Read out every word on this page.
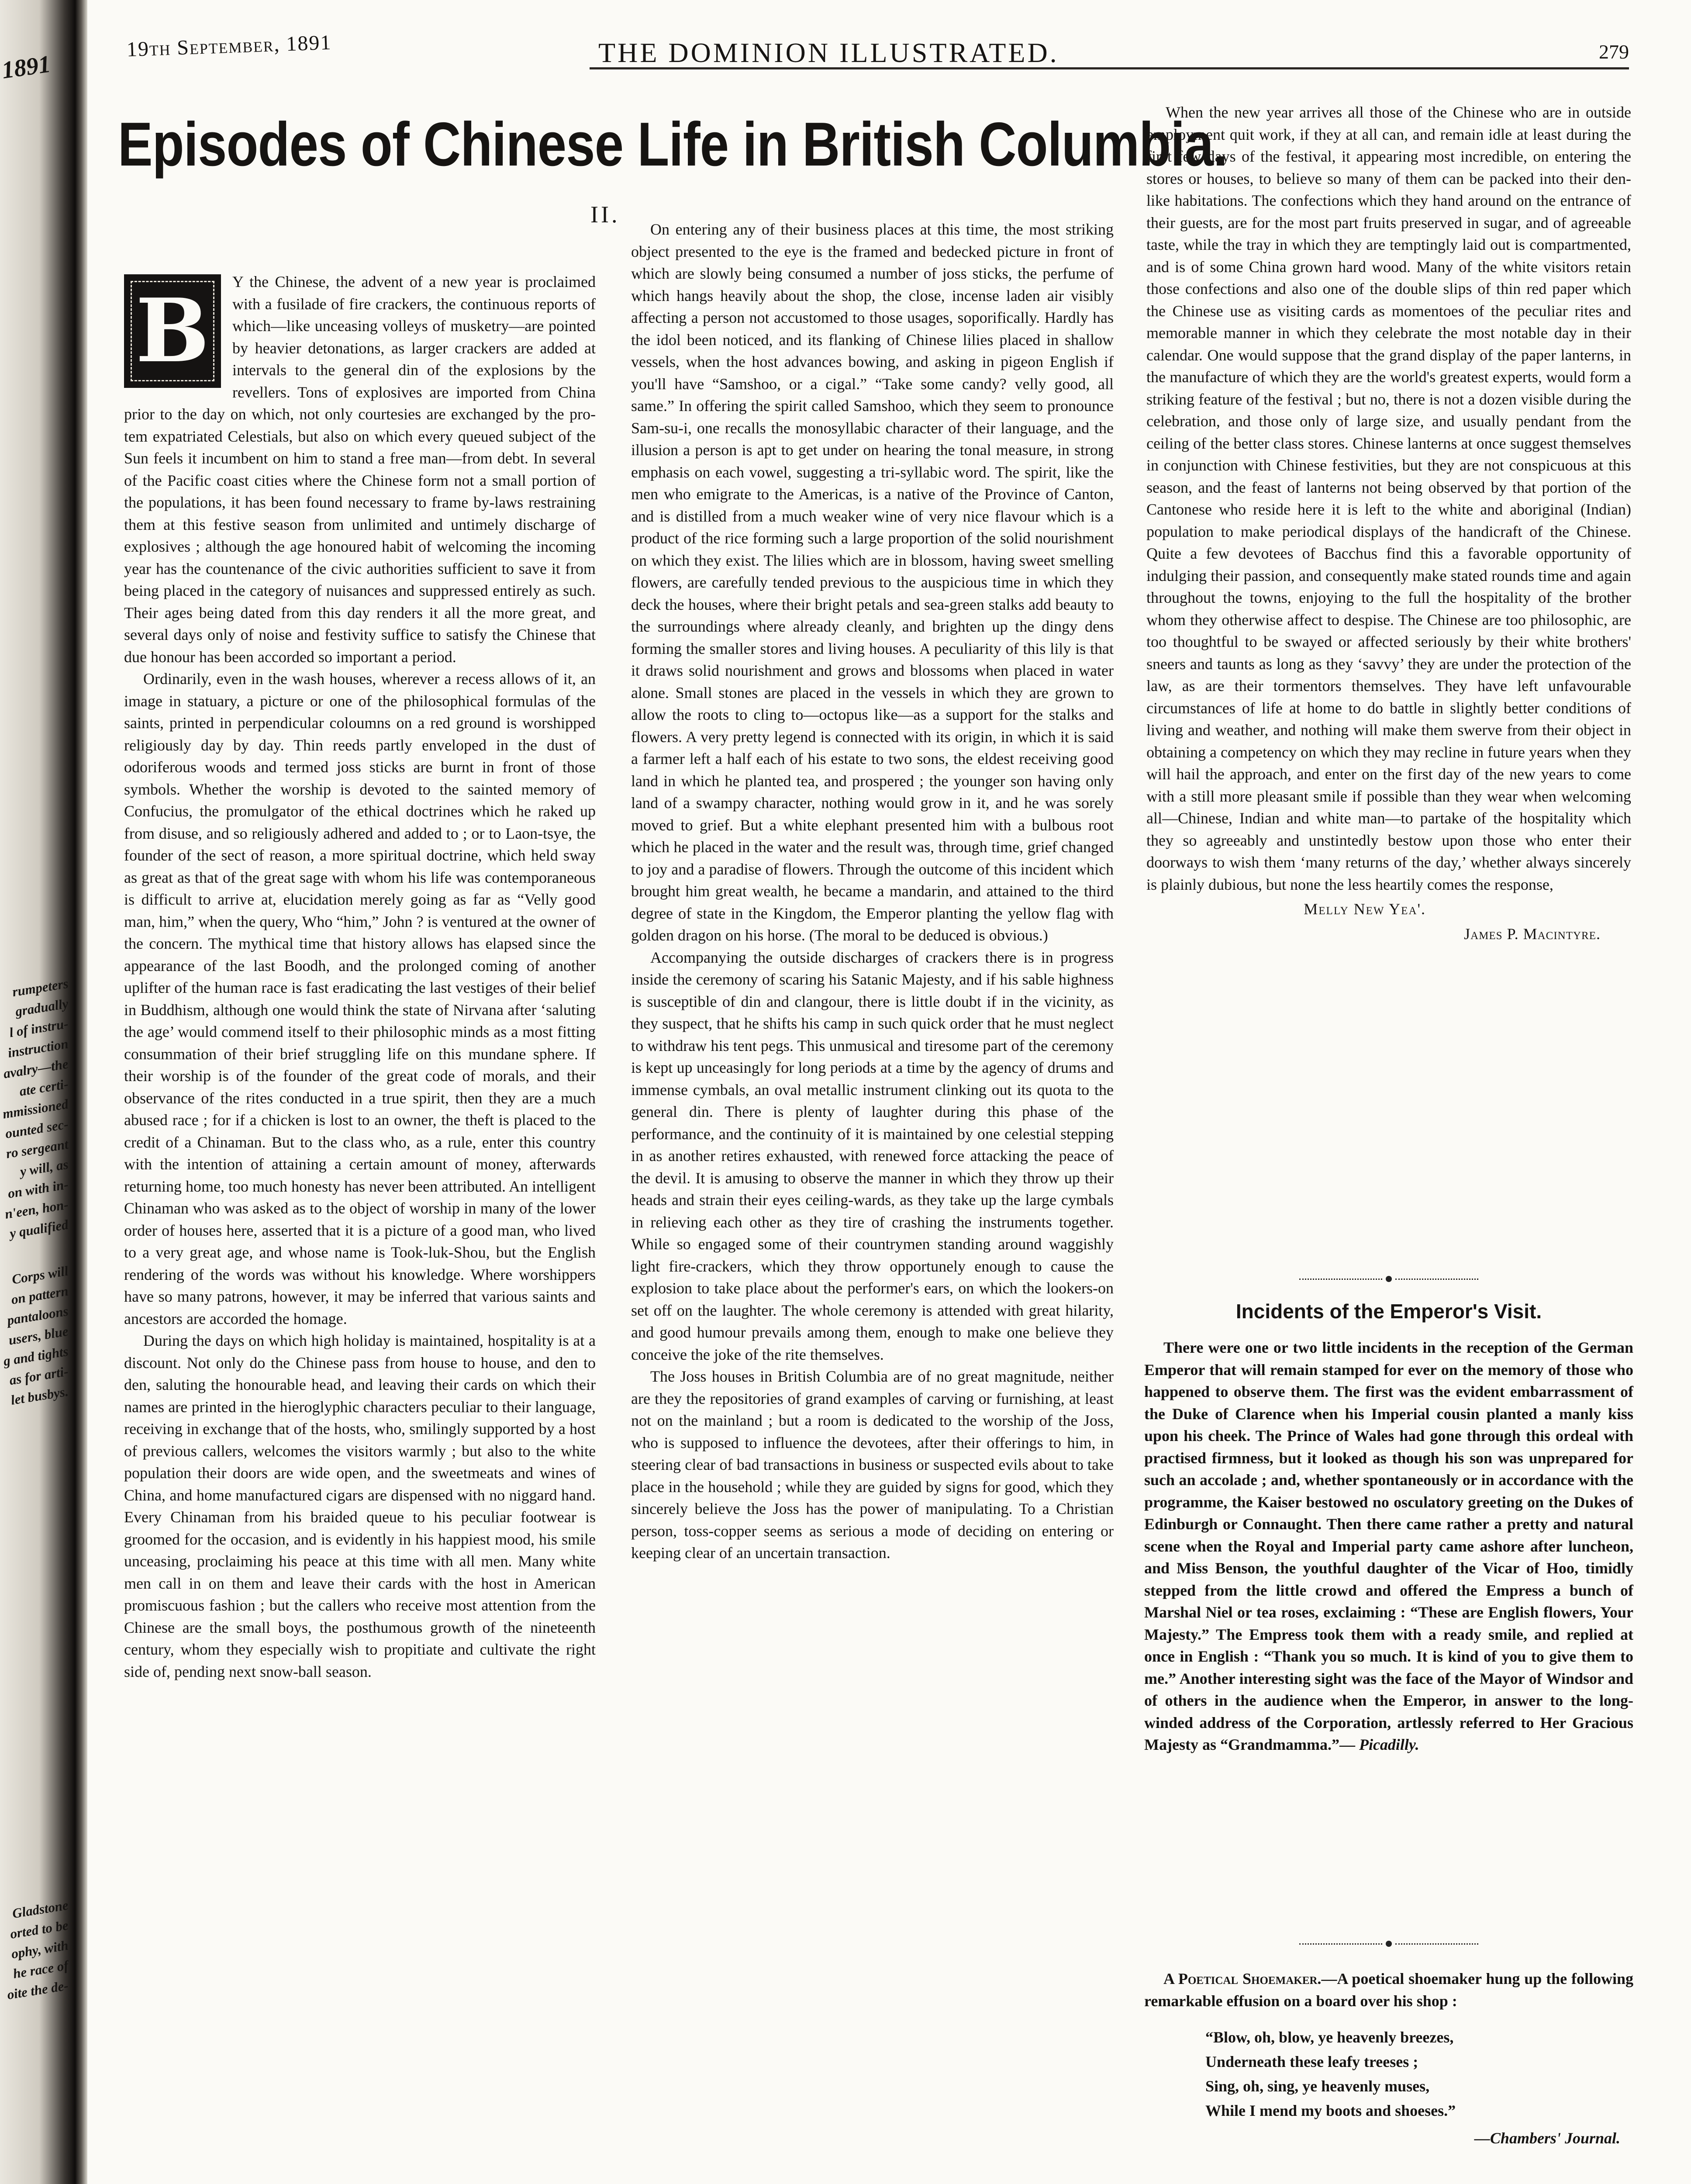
1891
rumpeters
gradually
l of instru-
instruction
avalry—the
ate certi-
mmissioned
ounted sec-
ro sergeant
y will, as
on with in-
n'een, hon-
y qualified
Corps will
on pattern
pantaloons
users, blue
g and tights
as for arti-
let busbys.
Gladstone
orted to be
ophy, with
he race of
oite the de-
19th September, 1891	THE DOMINION ILLUSTRATED.	279
Episodes of Chinese Life in British Columbia.
II.
B	Y the Chinese, the advent of a new year is proclaimed with a fusilade of fire crackers, the continuous reports of which—like unceasing volleys of musketry—are pointed by heavier detonations, as larger crackers are added at intervals to the general din of the explosions by the revellers. Tons of explosives are imported from China prior to the day on which, not only courtesies are exchanged by the pro-tem expatriated Celestials, but also on which every queued subject of the Sun feels it incumbent on him to stand a free man—from debt. In several of the Pacific coast cities where the Chinese form not a small portion of the populations, it has been found necessary to frame by-laws restraining them at this festive season from unlimited and untimely discharge of explosives ; although the age honoured habit of welcoming the incoming year has the countenance of the civic authorities sufficient to save it from being placed in the category of nuisances and suppressed entirely as such. Their ages being dated from this day renders it all the more great, and several days only of noise and festivity suffice to satisfy the Chinese that due honour has been accorded so important a period.

Ordinarily, even in the wash houses, wherever a recess allows of it, an image in statuary, a picture or one of the philosophical formulas of the saints, printed in perpendicular coloumns on a red ground is worshipped religiously day by day. Thin reeds partly enveloped in the dust of odoriferous woods and termed joss sticks are burnt in front of those symbols. Whether the worship is devoted to the sainted memory of Confucius, the promulgator of the ethical doctrines which he raked up from disuse, and so religiously adhered and added to ; or to Laon-tsye, the founder of the sect of reason, a more spiritual doctrine, which held sway as great as that of the great sage with whom his life was contemporaneous is difficult to arrive at, elucidation merely going as far as “Velly good man, him,” when the query, Who “him,” John ? is ventured at the owner of the concern. The mythical time that history allows has elapsed since the appearance of the last Boodh, and the prolonged coming of another uplifter of the human race is fast eradicating the last vestiges of their belief in Buddhism, although one would think the state of Nirvana after ‘saluting the age’ would commend itself to their philosophic minds as a most fitting consummation of their brief struggling life on this mundane sphere. If their worship is of the founder of the great code of morals, and their observance of the rites conducted in a true spirit, then they are a much abused race ; for if a chicken is lost to an owner, the theft is placed to the credit of a Chinaman. But to the class who, as a rule, enter this country with the intention of attaining a certain amount of money, afterwards returning home, too much honesty has never been attributed. An intelligent Chinaman who was asked as to the object of worship in many of the lower order of houses here, asserted that it is a picture of a good man, who lived to a very great age, and whose name is Took-luk-Shou, but the English rendering of the words was without his knowledge. Where worshippers have so many patrons, however, it may be inferred that various saints and ancestors are accorded the homage.

During the days on which high holiday is maintained, hospitality is at a discount. Not only do the Chinese pass from house to house, and den to den, saluting the honourable head, and leaving their cards on which their names are printed in the hieroglyphic characters peculiar to their language, receiving in exchange that of the hosts, who, smilingly supported by a host of previous callers, welcomes the visitors warmly ; but also to the white population their doors are wide open, and the sweetmeats and wines of China, and home manufactured cigars are dispensed with no niggard hand. Every Chinaman from his braided queue to his peculiar footwear is groomed for the occasion, and is evidently in his happiest mood, his smile unceasing, proclaiming his peace at this time with all men. Many white men call in on them and leave their cards with the host in American promiscuous fashion ; but the callers who receive most attention from the Chinese are the small boys, the posthumous growth of the nineteenth century, whom they especially wish to propitiate and cultivate the right side of, pending next snow-ball season.

On entering any of their business places at this time, the most striking object presented to the eye is the framed and bedecked picture in front of which are slowly being consumed a number of joss sticks, the perfume of which hangs heavily about the shop, the close, incense laden air visibly affecting a person not accustomed to those usages, soporifically. Hardly has the idol been noticed, and its flanking of Chinese lilies placed in shallow vessels, when the host advances bowing, and asking in pigeon English if you'll have “Samshoo, or a cigal.” “Take some candy? velly good, all same.” In offering the spirit called Samshoo, which they seem to pronounce Sam-su-i, one recalls the monosyllabic character of their language, and the illusion a person is apt to get under on hearing the tonal measure, in strong emphasis on each vowel, suggesting a tri-syllabic word. The spirit, like the men who emigrate to the Americas, is a native of the Province of Canton, and is distilled from a much weaker wine of very nice flavour which is a product of the rice forming such a large proportion of the solid nourishment on which they exist. The lilies which are in blossom, having sweet smelling flowers, are carefully tended previous to the auspicious time in which they deck the houses, where their bright petals and sea-green stalks add beauty to the surroundings where already cleanly, and brighten up the dingy dens forming the smaller stores and living houses. A peculiarity of this lily is that it draws solid nourishment and grows and blossoms when placed in water alone. Small stones are placed in the vessels in which they are grown to allow the roots to cling to—octopus like—as a support for the stalks and flowers. A very pretty legend is connected with its origin, in which it is said a farmer left a half each of his estate to two sons, the eldest receiving good land in which he planted tea, and prospered ; the younger son having only land of a swampy character, nothing would grow in it, and he was sorely moved to grief. But a white elephant presented him with a bulbous root which he placed in the water and the result was, through time, grief changed to joy and a paradise of flowers. Through the outcome of this incident which brought him great wealth, he became a mandarin, and attained to the third degree of state in the Kingdom, the Emperor planting the yellow flag with golden dragon on his horse. (The moral to be deduced is obvious.)

Accompanying the outside discharges of crackers there is in progress inside the ceremony of scaring his Satanic Majesty, and if his sable highness is susceptible of din and clangour, there is little doubt if in the vicinity, as they suspect, that he shifts his camp in such quick order that he must neglect to withdraw his tent pegs. This unmusical and tiresome part of the ceremony is kept up unceasingly for long periods at a time by the agency of drums and immense cymbals, an oval metallic instrument clinking out its quota to the general din. There is plenty of laughter during this phase of the performance, and the continuity of it is maintained by one celestial stepping in as another retires exhausted, with renewed force attacking the peace of the devil. It is amusing to observe the manner in which they throw up their heads and strain their eyes ceiling-wards, as they take up the large cymbals in relieving each other as they tire of crashing the instruments together. While so engaged some of their countrymen standing around waggishly light fire-crackers, which they throw opportunely enough to cause the explosion to take place about the performer's ears, on which the lookers-on set off on the laughter. The whole ceremony is attended with great hilarity, and good humour prevails among them, enough to make one believe they conceive the joke of the rite themselves.

The Joss houses in British Columbia are of no great magnitude, neither are they the repositories of grand examples of carving or furnishing, at least not on the mainland ; but a room is dedicated to the worship of the Joss, who is supposed to influence the devotees, after their offerings to him, in steering clear of bad transactions in business or suspected evils about to take place in the household ; while they are guided by signs for good, which they sincerely believe the Joss has the power of manipulating. To a Christian person, toss-copper seems as serious a mode of deciding on entering or keeping clear of an uncertain transaction.

When the new year arrives all those of the Chinese who are in outside employment quit work, if they at all can, and remain idle at least during the first few days of the festival, it appearing most incredible, on entering the stores or houses, to believe so many of them can be packed into their den-like habitations. The confections which they hand around on the entrance of their guests, are for the most part fruits preserved in sugar, and of agreeable taste, while the tray in which they are temptingly laid out is compartmented, and is of some China grown hard wood. Many of the white visitors retain those confections and also one of the double slips of thin red paper which the Chinese use as visiting cards as momentoes of the peculiar rites and memorable manner in which they celebrate the most notable day in their calendar. One would suppose that the grand display of the paper lanterns, in the manufacture of which they are the world's greatest experts, would form a striking feature of the festival ; but no, there is not a dozen visible during the celebration, and those only of large size, and usually pendant from the ceiling of the better class stores. Chinese lanterns at once suggest themselves in conjunction with Chinese festivities, but they are not conspicuous at this season, and the feast of lanterns not being observed by that portion of the Cantonese who reside here it is left to the white and aboriginal (Indian) population to make periodical displays of the handicraft of the Chinese. Quite a few devotees of Bacchus find this a favorable opportunity of indulging their passion, and consequently make stated rounds time and again throughout the towns, enjoying to the full the hospitality of the brother whom they otherwise affect to despise. The Chinese are too philosophic, are too thoughtful to be swayed or affected seriously by their white brothers' sneers and taunts as long as they ‘savvy’ they are under the protection of the law, as are their tormentors themselves. They have left unfavourable circumstances of life at home to do battle in slightly better conditions of living and weather, and nothing will make them swerve from their object in obtaining a competency on which they may recline in future years when they will hail the approach, and enter on the first day of the new years to come with a still more pleasant smile if possible than they wear when welcoming all—Chinese, Indian and white man—to partake of the hospitality which they so agreeably and unstintedly bestow upon those who enter their doorways to wish them ‘many returns of the day,’ whether always sincerely is plainly dubious, but none the less heartily comes the response,

Melly New Yea'.
James P. Macintyre.
Incidents of the Emperor's Visit.

There were one or two little incidents in the reception of the German Emperor that will remain stamped for ever on the memory of those who happened to observe them. The first was the evident embarrassment of the Duke of Clarence when his Imperial cousin planted a manly kiss upon his cheek. The Prince of Wales had gone through this ordeal with practised firmness, but it looked as though his son was unprepared for such an accolade ; and, whether spontaneously or in accordance with the programme, the Kaiser bestowed no osculatory greeting on the Dukes of Edinburgh or Connaught. Then there came rather a pretty and natural scene when the Royal and Imperial party came ashore after luncheon, and Miss Benson, the youthful daughter of the Vicar of Hoo, timidly stepped from the little crowd and offered the Empress a bunch of Marshal Niel or tea roses, exclaiming : “These are English flowers, Your Majesty.” The Empress took them with a ready smile, and replied at once in English : “Thank you so much. It is kind of you to give them to me.” Another interesting sight was the face of the Mayor of Windsor and of others in the audience when the Emperor, in answer to the long-winded address of the Corporation, artlessly referred to Her Gracious Majesty as “Grandmamma.”— Picadilly.

A Poetical Shoemaker.—A poetical shoemaker hung up the following remarkable effusion on a board over his shop :

“Blow, oh, blow, ye heavenly breezes,
Underneath these leafy treeses ;
Sing, oh, sing, ye heavenly muses,
While I mend my boots and shoeses.”
—Chambers' Journal.
